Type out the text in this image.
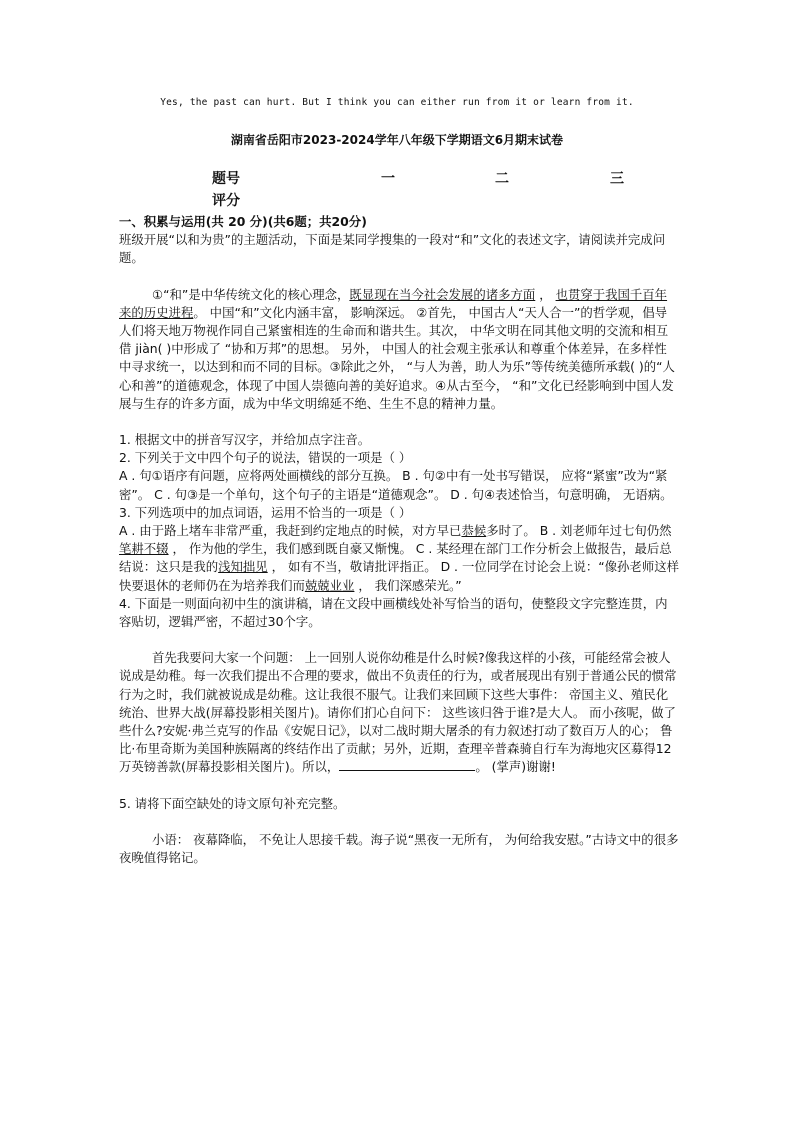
Yes, the past can hurt. But I think you can either run from it or learn from it.
湖南省岳阳市2023-2024学年八年级下学期语文6月期末试卷
题号	一	二	三
评分

一、积累与运用(共 20 分)(共6题；共20分)

班级开展“以和为贵”的主题活动，下面是某同学搜集的一段对“和”文化的表述文字，请阅读并完成问题。

①“和”是中华传统文化的核心理念，既显现在当今社会发展的诸多方面 ， 也贯穿于我国千百年来的历史进程。 中国“和”文化内涵丰富， 影响深远。 ②首先， 中国古人“天人合一”的哲学观，倡导人们将天地万物视作同自己紧蜜相连的生命而和谐共生。其次， 中华文明在同其他文明的交流和相互借 jiàn( )中形成了 “协和万邦”的思想。 另外， 中国人的社会观主张承认和尊重个体差异，在多样性中寻求统一，以达到和而不同的目标。③除此之外， “与人为善，助人为乐”等传统美德所承载( )的“人心和善”的道德观念，体现了中国人崇德向善的美好追求。④从古至今， “和”文化已经影响到中国人发展与生存的许多方面，成为中华文明绵延不绝、生生不息的精神力量。

1. 根据文中的拼音写汉字，并给加点字注音。

2. 下列关于文中四个句子的说法，错误的一项是（ ）

A . 句①语序有问题，应将两处画横线的部分互换。 B . 句②中有一处书写错误， 应将“紧蜜”改为“紧密”。 C . 句③是一个单句，这个句子的主语是“道德观念”。 D . 句④表述恰当，句意明确， 无语病。

3. 下列选项中的加点词语，运用不恰当的一项是（ ）

A . 由于路上堵车非常严重，我赶到约定地点的时候，对方早已恭候多时了。 B . 刘老师年过七旬仍然笔耕不辍 ， 作为他的学生，我们感到既自豪又惭愧。 C . 某经理在部门工作分析会上做报告，最后总结说：这只是我的浅知拙见 ， 如有不当，敬请批评指正。 D . 一位同学在讨论会上说：“像孙老师这样快要退休的老师仍在为培养我们而兢兢业业 ， 我们深感荣光。”

4. 下面是一则面向初中生的演讲稿，请在文段中画横线处补写恰当的语句，使整段文字完整连贯，内容贴切，逻辑严密，不超过30个字。

首先我要问大家一个问题： 上一回别人说你幼稚是什么时候?像我这样的小孩，可能经常会被人说成是幼稚。每一次我们提出不合理的要求，做出不负责任的行为，或者展现出有别于普通公民的惯常行为之时，我们就被说成是幼稚。这让我很不服气。让我们来回顾下这些大事件： 帝国主义、殖民化统治、世界大战(屏幕投影相关图片)。请你们扪心自问下： 这些该归咎于谁?是大人。 而小孩呢，做了些什么?安妮·弗兰克写的作品《安妮日记》，以对二战时期大屠杀的有力叙述打动了数百万人的心； 鲁比·布里奇斯为美国种族隔离的终结作出了贡献；另外，近期，查理辛普森骑自行车为海地灾区募得12万英镑善款(屏幕投影相关图片)。所以，	。 (掌声)谢谢!

5. 请将下面空缺处的诗文原句补充完整。

小语： 夜幕降临， 不免让人思接千载。海子说“黑夜一无所有， 为何给我安慰。”古诗文中的很多夜晚值得铭记。
